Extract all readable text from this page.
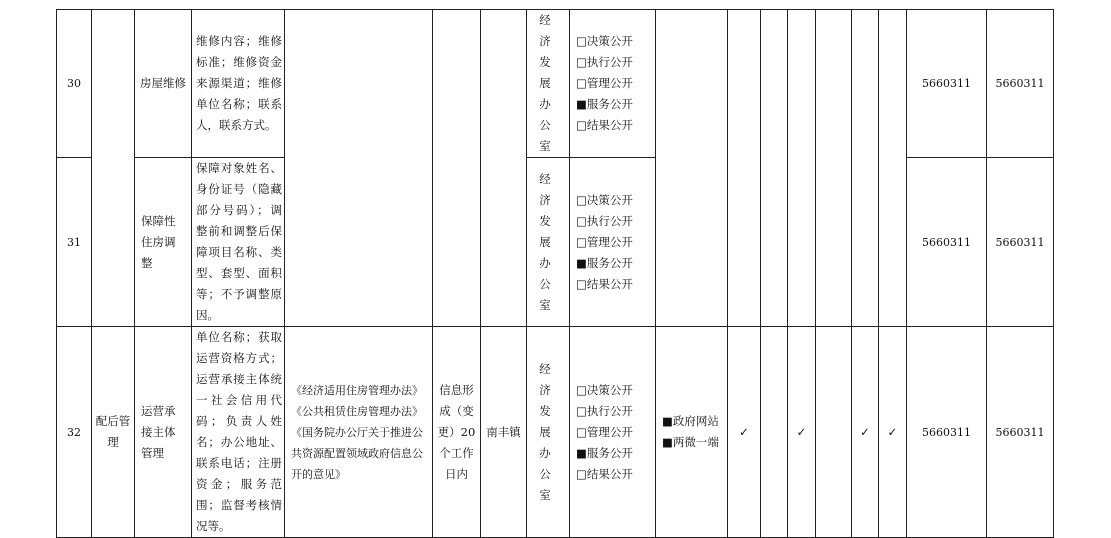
30		房屋维修	维修内容；维修标准；维修资金来源渠道；维修单位名称；联系人，联系方式。				经济发展办公室	□决策公开
□执行公开
□管理公开
■服务公开
□结果公开								5660311	5660311
31		保障性住房调整	保障对象姓名、身份证号（隐藏部分号码）；调整前和调整后保障项目名称、类型、套型、面积等；不予调整原因。				经济发展办公室	□决策公开
□执行公开
□管理公开
■服务公开
□结果公开								5660311	5660311
32	配后管理	运营承接主体管理	单位名称；获取运营资格方式；运营承接主体统一社会信用代码；负责人姓名；办公地址、联系电话；注册资金；服务范围；监督考核情况等。	《经济适用住房管理办法》《公共租赁住房管理办法》《国务院办公厅关于推进公共资源配置领域政府信息公开的意见》	信息形成（变更）20个工作日内	南丰镇	经济发展办公室	□决策公开
□执行公开
□管理公开
■服务公开
□结果公开	■政府网站
■两微一端	✓		✓		✓	✓	5660311	5660311
